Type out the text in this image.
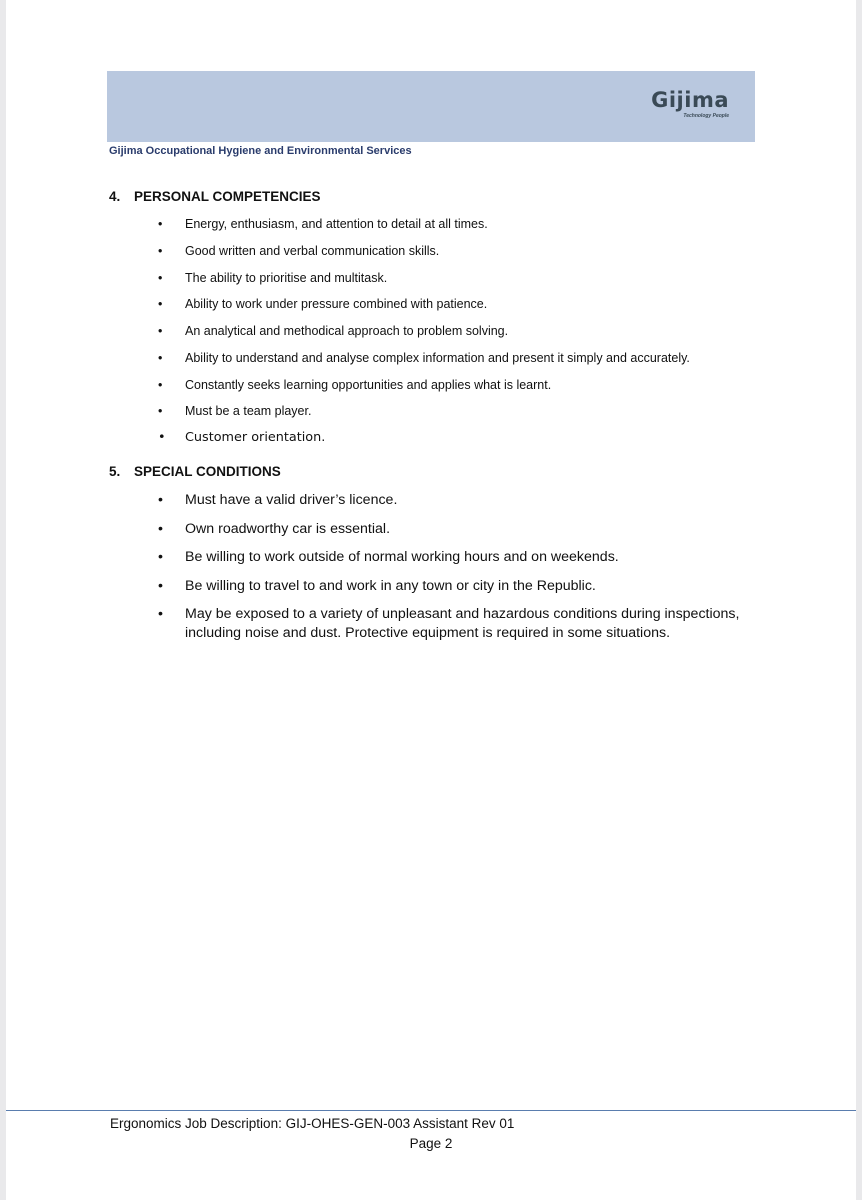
Gijima
Technology People
Gijima Occupational Hygiene and Environmental Services
4. PERSONAL COMPETENCIES
• Energy, enthusiasm, and attention to detail at all times.
• Good written and verbal communication skills.
• The ability to prioritise and multitask.
• Ability to work under pressure combined with patience.
• An analytical and methodical approach to problem solving.
• Ability to understand and analyse complex information and present it simply and accurately.
• Constantly seeks learning opportunities and applies what is learnt.
• Must be a team player.
• Customer orientation.
5. SPECIAL CONDITIONS
• Must have a valid driver’s licence.
• Own roadworthy car is essential.
• Be willing to work outside of normal working hours and on weekends.
• Be willing to travel to and work in any town or city in the Republic.
• May be exposed to a variety of unpleasant and hazardous conditions during inspections, including noise and dust. Protective equipment is required in some situations.
Ergonomics Job Description: GIJ-OHES-GEN-003 Assistant Rev 01
Page 2
